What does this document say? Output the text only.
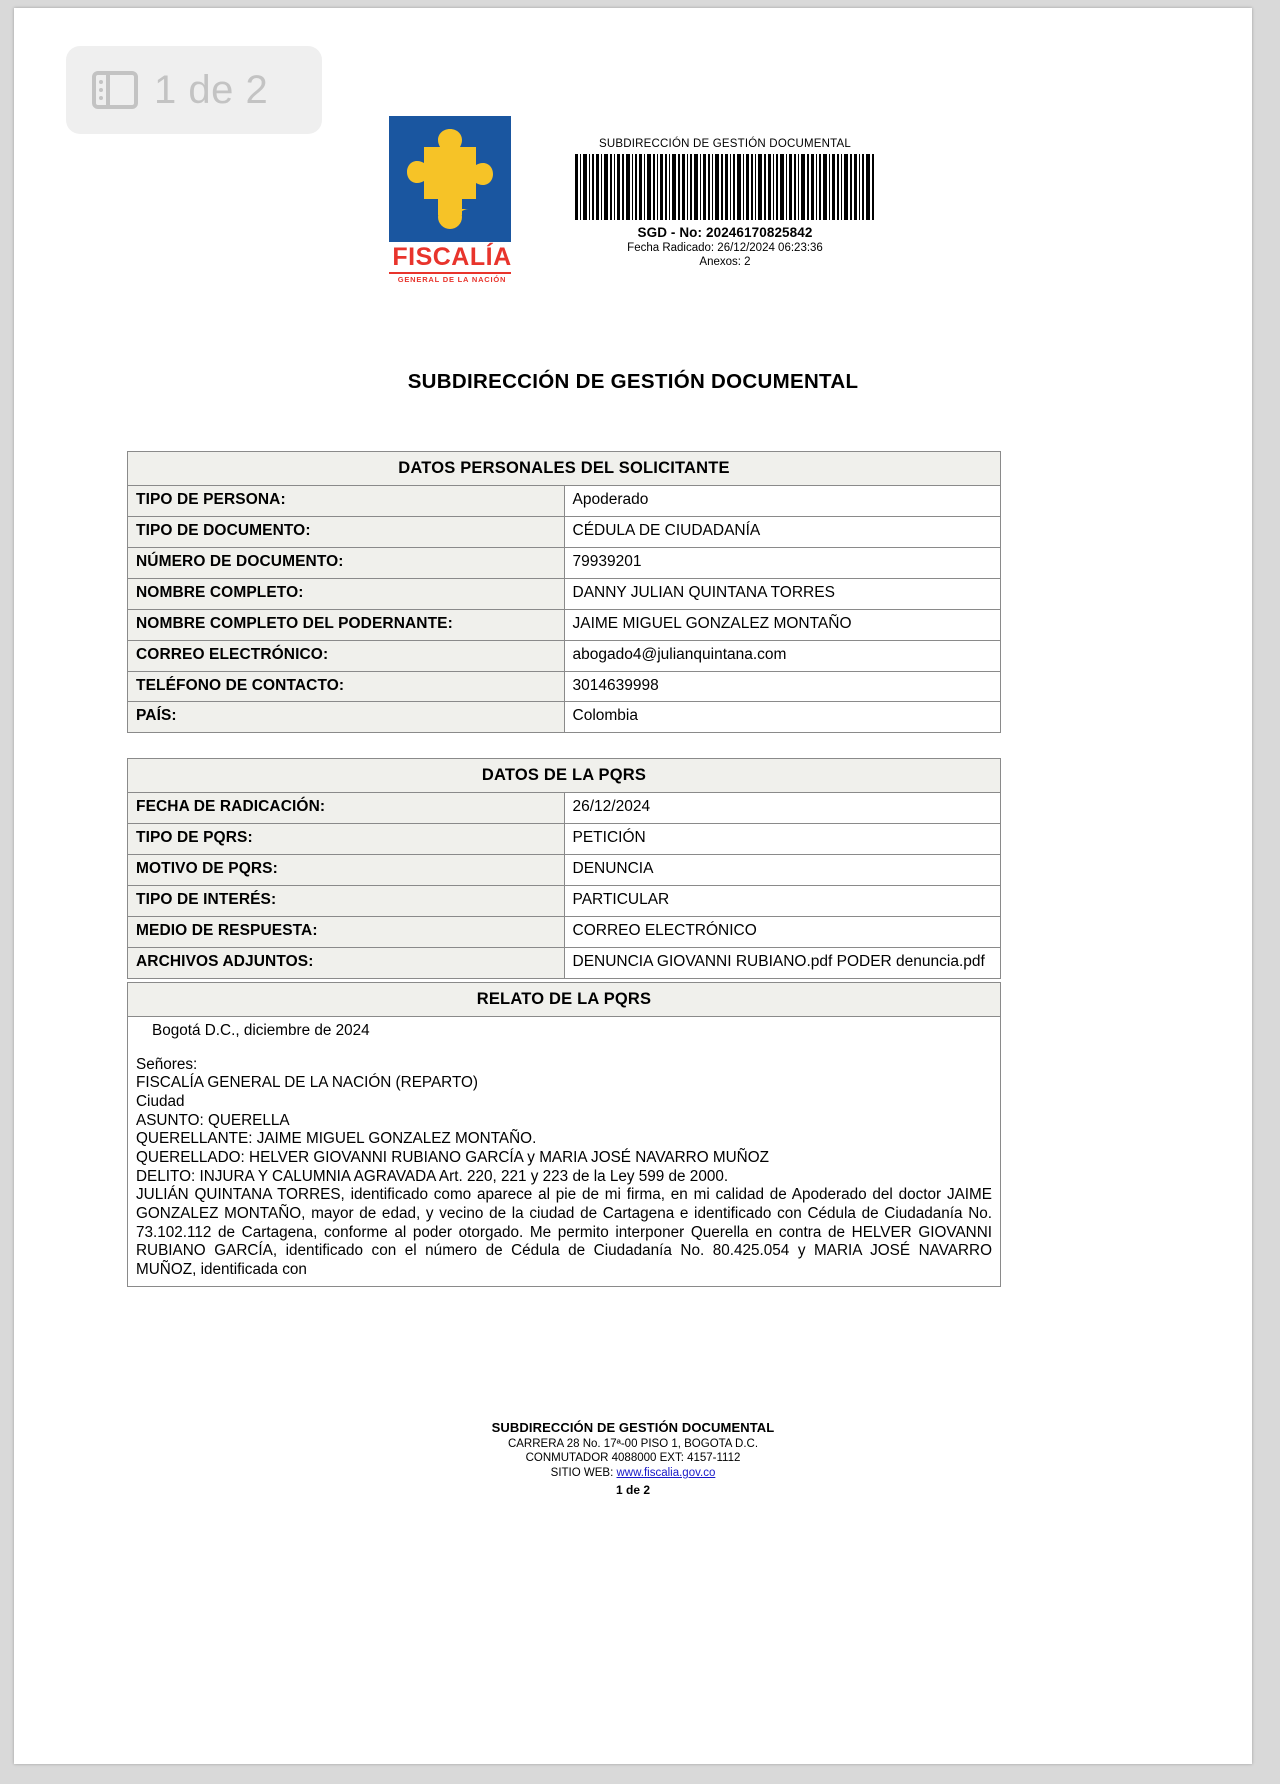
FISCALÍA
GENERAL DE LA NACIÓN
SUBDIRECCIÓN DE GESTIÓN DOCUMENTAL
SGD - No: 20246170825842
Fecha Radicado: 26/12/2024 06:23:36
Anexos: 2
SUBDIRECCIÓN DE GESTIÓN DOCUMENTAL
DATOS PERSONALES DEL SOLICITANTE	
TIPO DE PERSONA:	Apoderado
TIPO DE DOCUMENTO:	CÉDULA DE CIUDADANÍA
NÚMERO DE DOCUMENTO:	79939201
NOMBRE COMPLETO:	DANNY JULIAN QUINTANA TORRES
NOMBRE COMPLETO DEL PODERNANTE:	JAIME MIGUEL GONZALEZ MONTAÑO
CORREO ELECTRÓNICO:	abogado4@julianquintana.com
TELÉFONO DE CONTACTO:	3014639998
PAÍS:	Colombia
DATOS DE LA PQRS	
FECHA DE RADICACIÓN:	26/12/2024
TIPO DE PQRS:	PETICIÓN
MOTIVO DE PQRS:	DENUNCIA
TIPO DE INTERÉS:	PARTICULAR
MEDIO DE RESPUESTA:	CORREO ELECTRÓNICO
ARCHIVOS ADJUNTOS:	DENUNCIA GIOVANNI RUBIANO.pdf PODER denuncia.pdf
RELATO DE LA PQRS

Bogotá D.C., diciembre de 2024

Señores:

FISCALÍA GENERAL DE LA NACIÓN (REPARTO)

Ciudad

ASUNTO: QUERELLA

QUERELLANTE: JAIME MIGUEL GONZALEZ MONTAÑO.

QUERELLADO: HELVER GIOVANNI RUBIANO GARCÍA y MARIA JOSÉ NAVARRO MUÑOZ

DELITO: INJURA Y CALUMNIA AGRAVADA Art. 220, 221 y 223 de la Ley 599 de 2000.

JULIÁN QUINTANA TORRES, identificado como aparece al pie de mi firma, en mi calidad de Apoderado del doctor JAIME GONZALEZ MONTAÑO, mayor de edad, y vecino de la ciudad de Cartagena e identificado con Cédula de Ciudadanía No. 73.102.112 de Cartagena, conforme al poder otorgado. Me permito interponer Querella en contra de HELVER GIOVANNI RUBIANO GARCÍA, identificado con el número de Cédula de Ciudadanía No. 80.425.054 y MARIA JOSÉ NAVARRO MUÑOZ, identificada con

SUBDIRECCIÓN DE GESTIÓN DOCUMENTAL
CARRERA 28 No. 17ª-00 PISO 1, BOGOTA D.C.
CONMUTADOR 4088000 EXT: 4157-1112
SITIO WEB: www.fiscalia.gov.co
1 de 2
1 de 2
